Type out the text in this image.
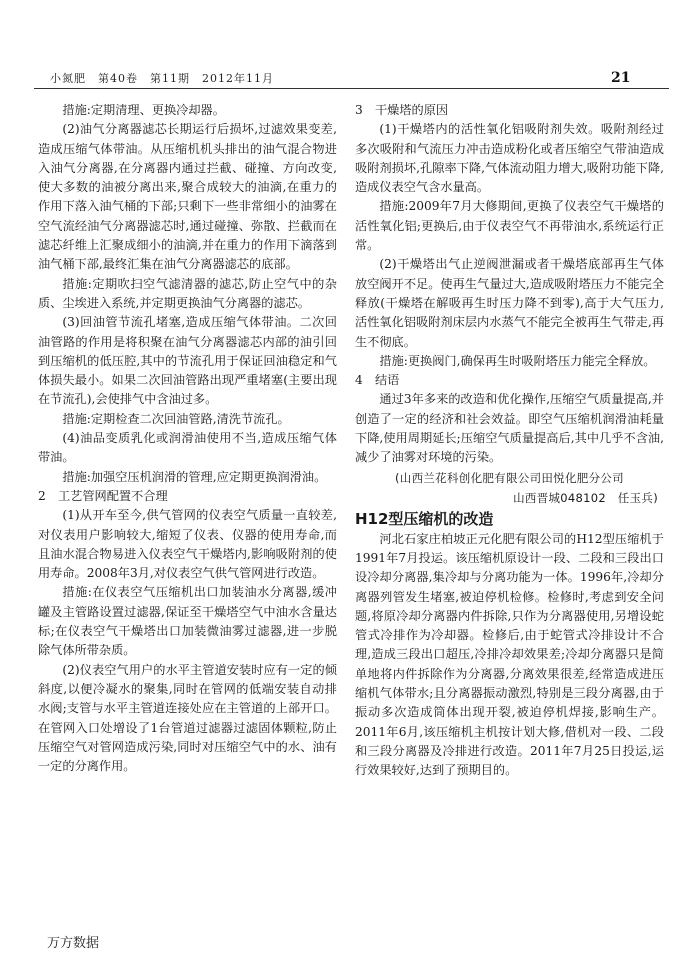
小氮肥　第40卷　第11期　2012年11月	21

措施:定期清理、更换冷却器。

(2)油气分离器滤芯长期运行后损坏,过滤效果变差,造成压缩气体带油。从压缩机机头排出的油气混合物进入油气分离器,在分离器内通过拦截、碰撞、方向改变,使大多数的油被分离出来,聚合成较大的油滴,在重力的作用下落入油气桶的下部;只剩下一些非常细小的油雾在空气流经油气分离器滤芯时,通过碰撞、弥散、拦截而在滤芯纤维上汇聚成细小的油滴,并在重力的作用下滴落到油气桶下部,最终汇集在油气分离器滤芯的底部。

措施:定期吹扫空气滤清器的滤芯,防止空气中的杂质、尘埃进入系统,并定期更换油气分离器的滤芯。

(3)回油管节流孔堵塞,造成压缩气体带油。二次回油管路的作用是将积聚在油气分离器滤芯内部的油引回到压缩机的低压腔,其中的节流孔用于保证回油稳定和气体损失最小。如果二次回油管路出现严重堵塞(主要出现在节流孔),会使排气中含油过多。

措施:定期检查二次回油管路,清洗节流孔。

(4)油品变质乳化或润滑油使用不当,造成压缩气体带油。

措施:加强空压机润滑的管理,应定期更换润滑油。

2　工艺管网配置不合理

(1)从开车至今,供气管网的仪表空气质量一直较差,对仪表用户影响较大,缩短了仪表、仪器的使用寿命,而且油水混合物易进入仪表空气干燥塔内,影响吸附剂的使用寿命。2008年3月,对仪表空气供气管网进行改造。

措施:在仪表空气压缩机出口加装油水分离器,缓冲罐及主管路设置过滤器,保证至干燥塔空气中油水含量达标;在仪表空气干燥塔出口加装微油雾过滤器,进一步脱除气体所带杂质。

(2)仪表空气用户的水平主管道安装时应有一定的倾斜度,以便冷凝水的聚集,同时在管网的低端安装自动排水阀;支管与水平主管道连接处应在主管道的上部开口。在管网入口处增设了1台管道过滤器过滤固体颗粒,防止压缩空气对管网造成污染,同时对压缩空气中的水、油有一定的分离作用。

3　干燥塔的原因

(1)干燥塔内的活性氧化铝吸附剂失效。吸附剂经过多次吸附和气流压力冲击造成粉化或者压缩空气带油造成吸附剂损坏,孔隙率下降,气体流动阻力增大,吸附功能下降,造成仪表空气含水量高。

措施:2009年7月大修期间,更换了仪表空气干燥塔的活性氧化铝;更换后,由于仪表空气不再带油水,系统运行正常。

(2)干燥塔出气止逆阀泄漏或者干燥塔底部再生气体放空阀开不足。使再生气量过大,造成吸附塔压力不能完全释放(干燥塔在解吸再生时压力降不到零),高于大气压力,活性氧化铝吸附剂床层内水蒸气不能完全被再生气带走,再生不彻底。

措施:更换阀门,确保再生时吸附塔压力能完全释放。

4　结语

通过3年多来的改造和优化操作,压缩空气质量提高,并创造了一定的经济和社会效益。即空气压缩机润滑油耗量下降,使用周期延长;压缩空气质量提高后,其中几乎不含油,减少了油雾对环境的污染。

(山西兰花科创化肥有限公司田悦化肥分公司

山西晋城048102　任玉兵)

H12型压缩机的改造

河北石家庄柏坡正元化肥有限公司的H12型压缩机于1991年7月投运。该压缩机原设计一段、二段和三段出口设冷却分离器,集冷却与分离功能为一体。1996年,冷却分离器列管发生堵塞,被迫停机检修。检修时,考虑到安全问题,将原冷却分离器内件拆除,只作为分离器使用,另增设蛇管式冷排作为冷却器。检修后,由于蛇管式冷排设计不合理,造成三段出口超压,冷排冷却效果差;冷却分离器只是简单地将内件拆除作为分离器,分离效果很差,经常造成进压缩机气体带水;且分离器振动激烈,特别是三段分离器,由于振动多次造成筒体出现开裂,被迫停机焊接,影响生产。2011年6月,该压缩机主机按计划大修,借机对一段、二段和三段分离器及冷排进行改造。2011年7月25日投运,运行效果较好,达到了预期目的。

万方数据
